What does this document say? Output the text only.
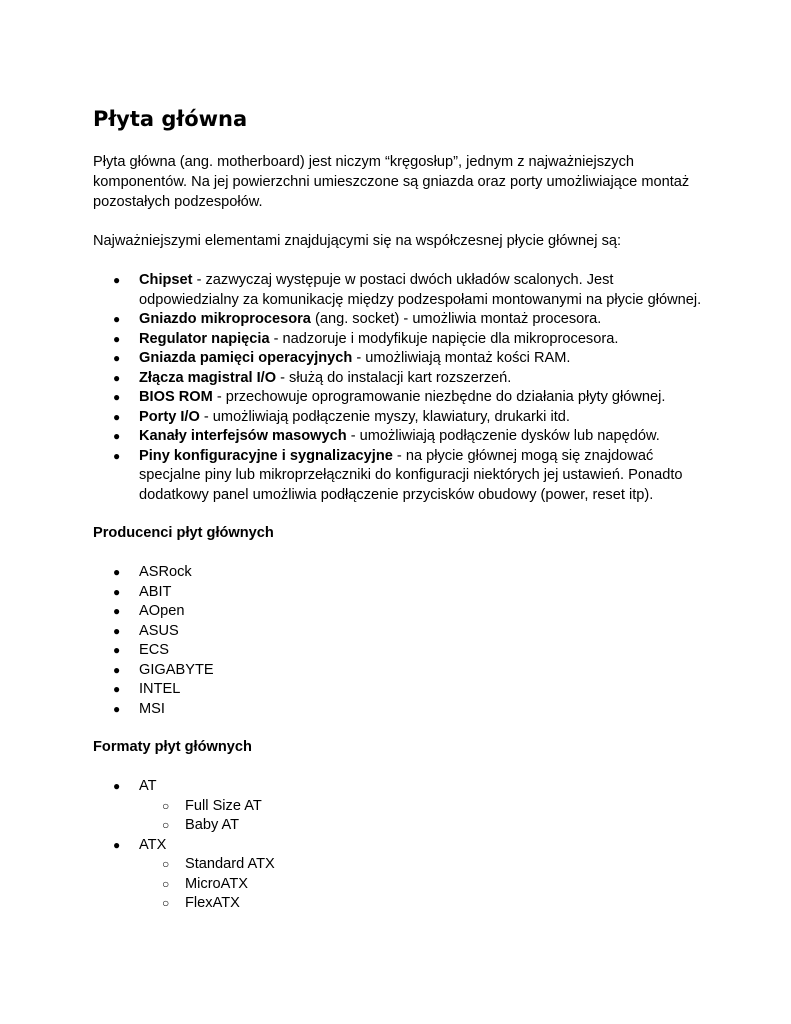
Płyta główna

Płyta główna (ang. motherboard) jest niczym “kręgosłup”, jednym z najważniejszych komponentów. Na jej powierzchni umieszczone są gniazda oraz porty umożliwiające montaż pozostałych podzespołów.

Najważniejszymi elementami znajdującymi się na współczesnej płycie głównej są:

● Chipset - zazwyczaj występuje w postaci dwóch układów scalonych. Jest odpowiedzialny za komunikację między podzespołami montowanymi na płycie głównej.
● Gniazdo mikroprocesora (ang. socket) - umożliwia montaż procesora.
● Regulator napięcia - nadzoruje i modyfikuje napięcie dla mikroprocesora.
● Gniazda pamięci operacyjnych - umożliwiają montaż kości RAM.
● Złącza magistral I/O - służą do instalacji kart rozszerzeń.
● BIOS ROM - przechowuje oprogramowanie niezbędne do działania płyty głównej.
● Porty I/O - umożliwiają podłączenie myszy, klawiatury, drukarki itd.
● Kanały interfejsów masowych - umożliwiają podłączenie dysków lub napędów.
● Piny konfiguracyjne i sygnalizacyjne - na płycie głównej mogą się znajdować specjalne piny lub mikroprzełączniki do konfiguracji niektórych jej ustawień. Ponadto dodatkowy panel umożliwia podłączenie przycisków obudowy (power, reset itp).
Producenci płyt głównych
● ASRock
● ABIT
● AOpen
● ASUS
● ECS
● GIGABYTE
● INTEL
● MSI
Formaty płyt głównych
● AT
○ Full Size AT
○ Baby AT
● ATX
○ Standard ATX
○ MicroATX
○ FlexATX
